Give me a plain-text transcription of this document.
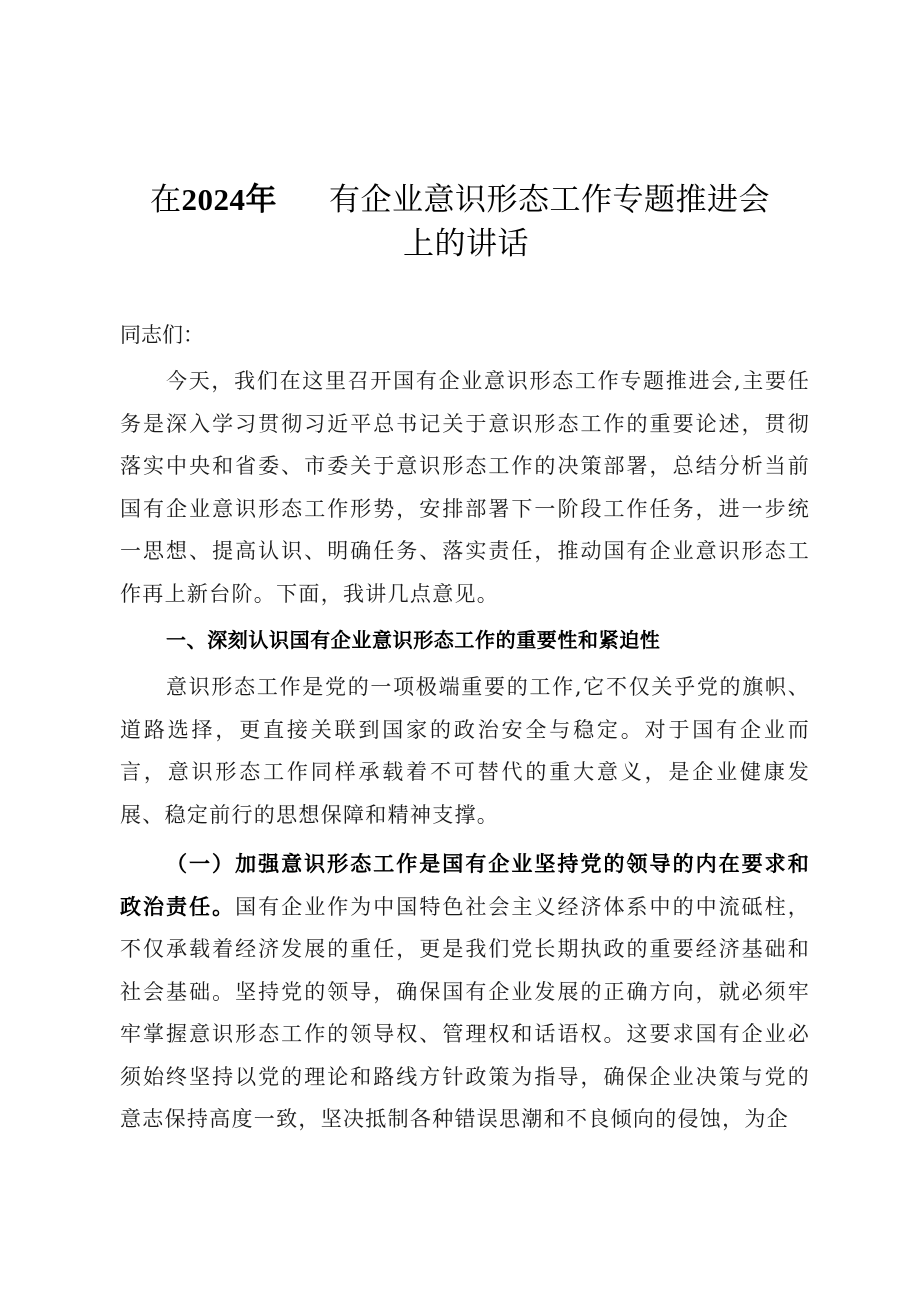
在2024年 有企业意识形态工作专题推进会
上的讲话
同志们：

今天，我们在这里召开国有企业意识形态工作专题推进会,主要任务是深入学习贯彻习近平总书记关于意识形态工作的重要论述，贯彻落实中央和省委、市委关于意识形态工作的决策部署，总结分析当前国有企业意识形态工作形势，安排部署下一阶段工作任务，进一步统一思想、提高认识、明确任务、落实责任，推动国有企业意识形态工作再上新台阶。下面，我讲几点意见。

一、深刻认识国有企业意识形态工作的重要性和紧迫性

意识形态工作是党的一项极端重要的工作,它不仅关乎党的旗帜、道路选择，更直接关联到国家的政治安全与稳定。对于国有企业而言，意识形态工作同样承载着不可替代的重大意义，是企业健康发展、稳定前行的思想保障和精神支撑。

（一）加强意识形态工作是国有企业坚持党的领导的内在要求和政治责任。国有企业作为中国特色社会主义经济体系中的中流砥柱，不仅承载着经济发展的重任，更是我们党长期执政的重要经济基础和社会基础。坚持党的领导，确保国有企业发展的正确方向，就必须牢牢掌握意识形态工作的领导权、管理权和话语权。这要求国有企业必须始终坚持以党的理论和路线方针政策为指导，确保企业决策与党的意志保持高度一致，坚决抵制各种错误思潮和不良倾向的侵蚀，为企
